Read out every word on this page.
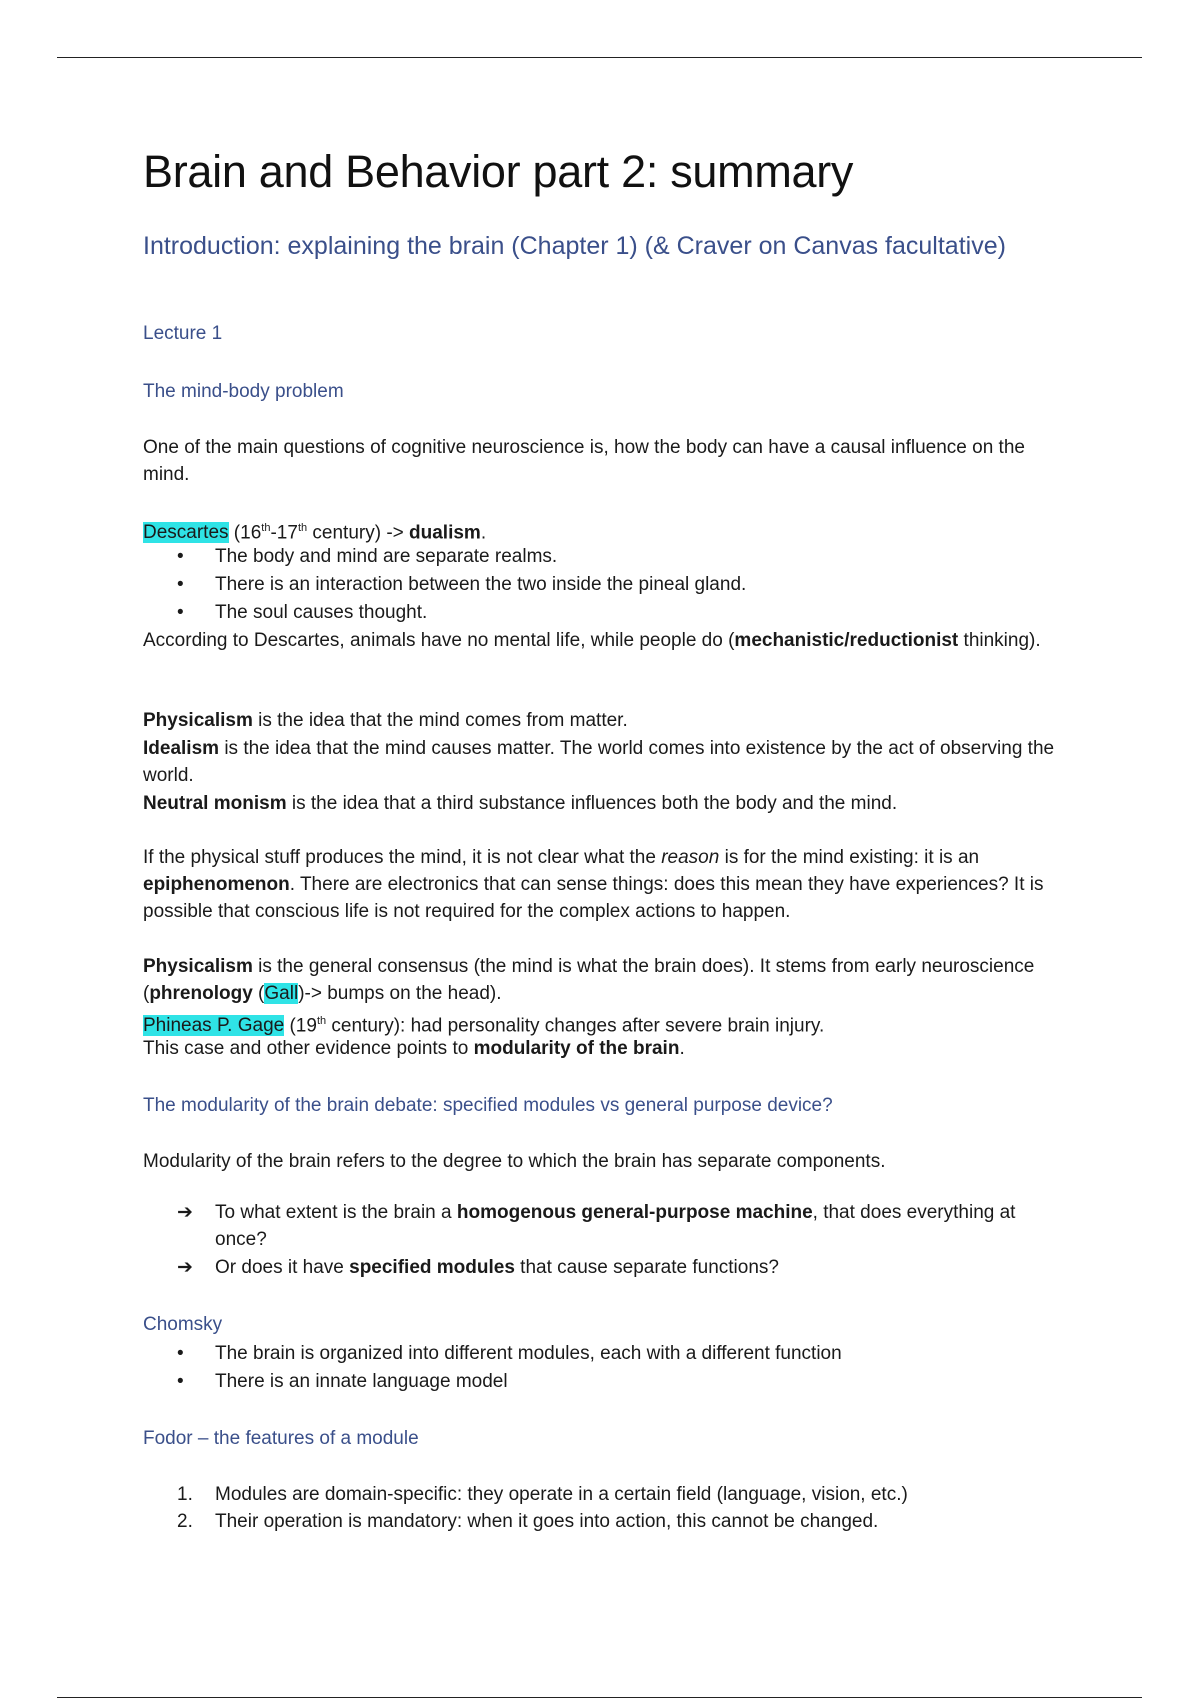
Brain and Behavior part 2: summary
Introduction: explaining the brain (Chapter 1) (& Craver on Canvas facultative)
Lecture 1
The mind-body problem
One of the main questions of cognitive neuroscience is, how the body can have a causal influence on the mind.
Descartes (16th-17th century) -> dualism.
•	The body and mind are separate realms.
•	There is an interaction between the two inside the pineal gland.
•	The soul causes thought.
According to Descartes, animals have no mental life, while people do (mechanistic/reductionist thinking).
Physicalism is the idea that the mind comes from matter.
Idealism is the idea that the mind causes matter. The world comes into existence by the act of observing the world.
Neutral monism is the idea that a third substance influences both the body and the mind.
If the physical stuff produces the mind, it is not clear what the reason is for the mind existing: it is an epiphenomenon. There are electronics that can sense things: does this mean they have experiences? It is possible that conscious life is not required for the complex actions to happen.
Physicalism is the general consensus (the mind is what the brain does). It stems from early neuroscience (phrenology (Gall)-> bumps on the head).
Phineas P. Gage (19th century): had personality changes after severe brain injury.
This case and other evidence points to modularity of the brain.
The modularity of the brain debate: specified modules vs general purpose device?
Modularity of the brain refers to the degree to which the brain has separate components.
➔	To what extent is the brain a homogenous general-purpose machine, that does everything at once?
➔	Or does it have specified modules that cause separate functions?
Chomsky
•	The brain is organized into different modules, each with a different function
•	There is an innate language model
Fodor – the features of a module
1.	Modules are domain-specific: they operate in a certain field (language, vision, etc.)
2.	Their operation is mandatory: when it goes into action, this cannot be changed.
